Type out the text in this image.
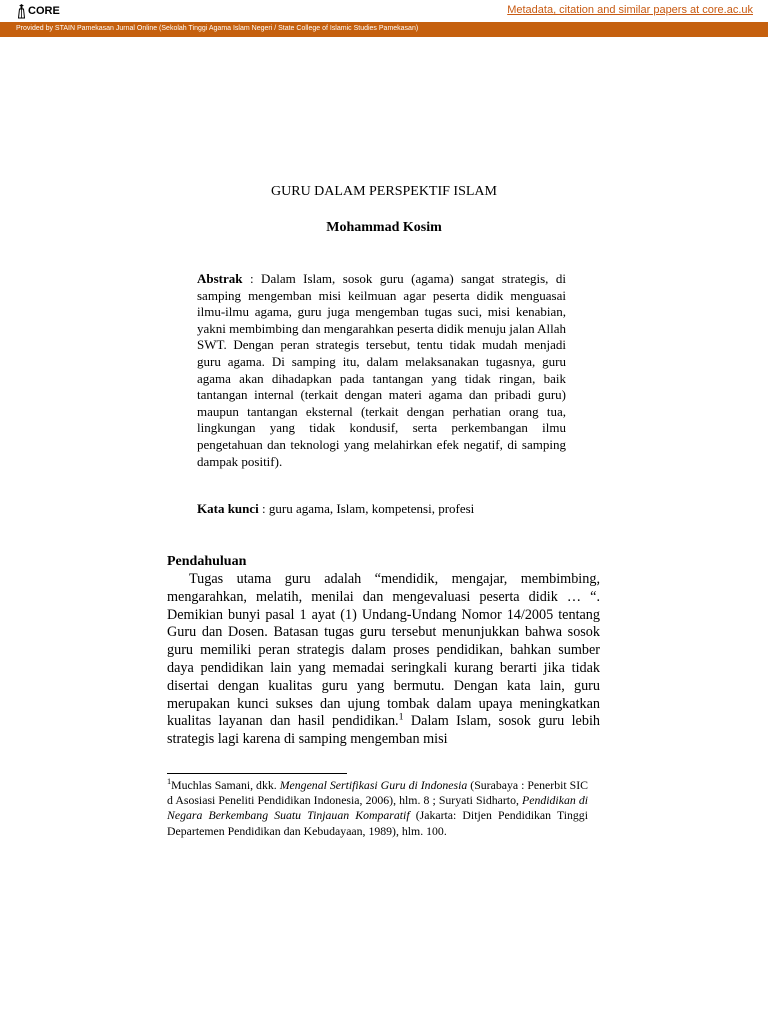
CORE	Metadata, citation and similar papers at core.ac.uk
Provided by STAIN Pamekasan Jurnal Online (Sekolah Tinggi Agama Islam Negeri / State College of Islamic Studies Pamekasan)
GURU DALAM PERSPEKTIF ISLAM

Mohammad Kosim

Abstrak : Dalam Islam, sosok guru (agama) sangat strategis, di samping mengemban misi keilmuan agar peserta didik menguasai ilmu-ilmu agama, guru juga mengemban tugas suci, misi kenabian, yakni membimbing dan mengarahkan peserta didik menuju jalan Allah SWT. Dengan peran strategis tersebut, tentu tidak mudah menjadi guru agama. Di samping itu, dalam melaksanakan tugasnya, guru agama akan dihadapkan pada tantangan yang tidak ringan, baik tantangan internal (terkait dengan materi agama dan pribadi guru) maupun tantangan eksternal (terkait dengan perhatian orang tua, lingkungan yang tidak kondusif, serta perkembangan ilmu pengetahuan dan teknologi yang melahirkan efek negatif, di samping dampak positif).

Kata kunci : guru agama, Islam, kompetensi, profesi

Pendahuluan

Tugas utama guru adalah “mendidik, mengajar, membimbing, mengarahkan, melatih, menilai dan mengevaluasi peserta didik … “. Demikian bunyi pasal 1 ayat (1) Undang-Undang Nomor 14/2005 tentang Guru dan Dosen. Batasan tugas guru tersebut menunjukkan bahwa sosok guru memiliki peran strategis dalam proses pendidikan, bahkan sumber daya pendidikan lain yang memadai seringkali kurang berarti jika tidak disertai dengan kualitas guru yang bermutu. Dengan kata lain, guru merupakan kunci sukses dan ujung tombak dalam upaya meningkatkan kualitas layanan dan hasil pendidikan.$^1$ Dalam Islam, sosok guru lebih strategis lagi karena di samping mengemban misi

$^1$Muchlas Samani, dkk. Mengenal Sertifikasi Guru di Indonesia (Surabaya : Penerbit SIC d Asosiasi Peneliti Pendidikan Indonesia, 2006), hlm. 8 ; Suryati Sidharto, Pendidikan di Negara Berkembang Suatu Tinjauan Komparatif (Jakarta: Ditjen Pendidikan Tinggi Departemen Pendidikan dan Kebudayaan, 1989), hlm. 100.
